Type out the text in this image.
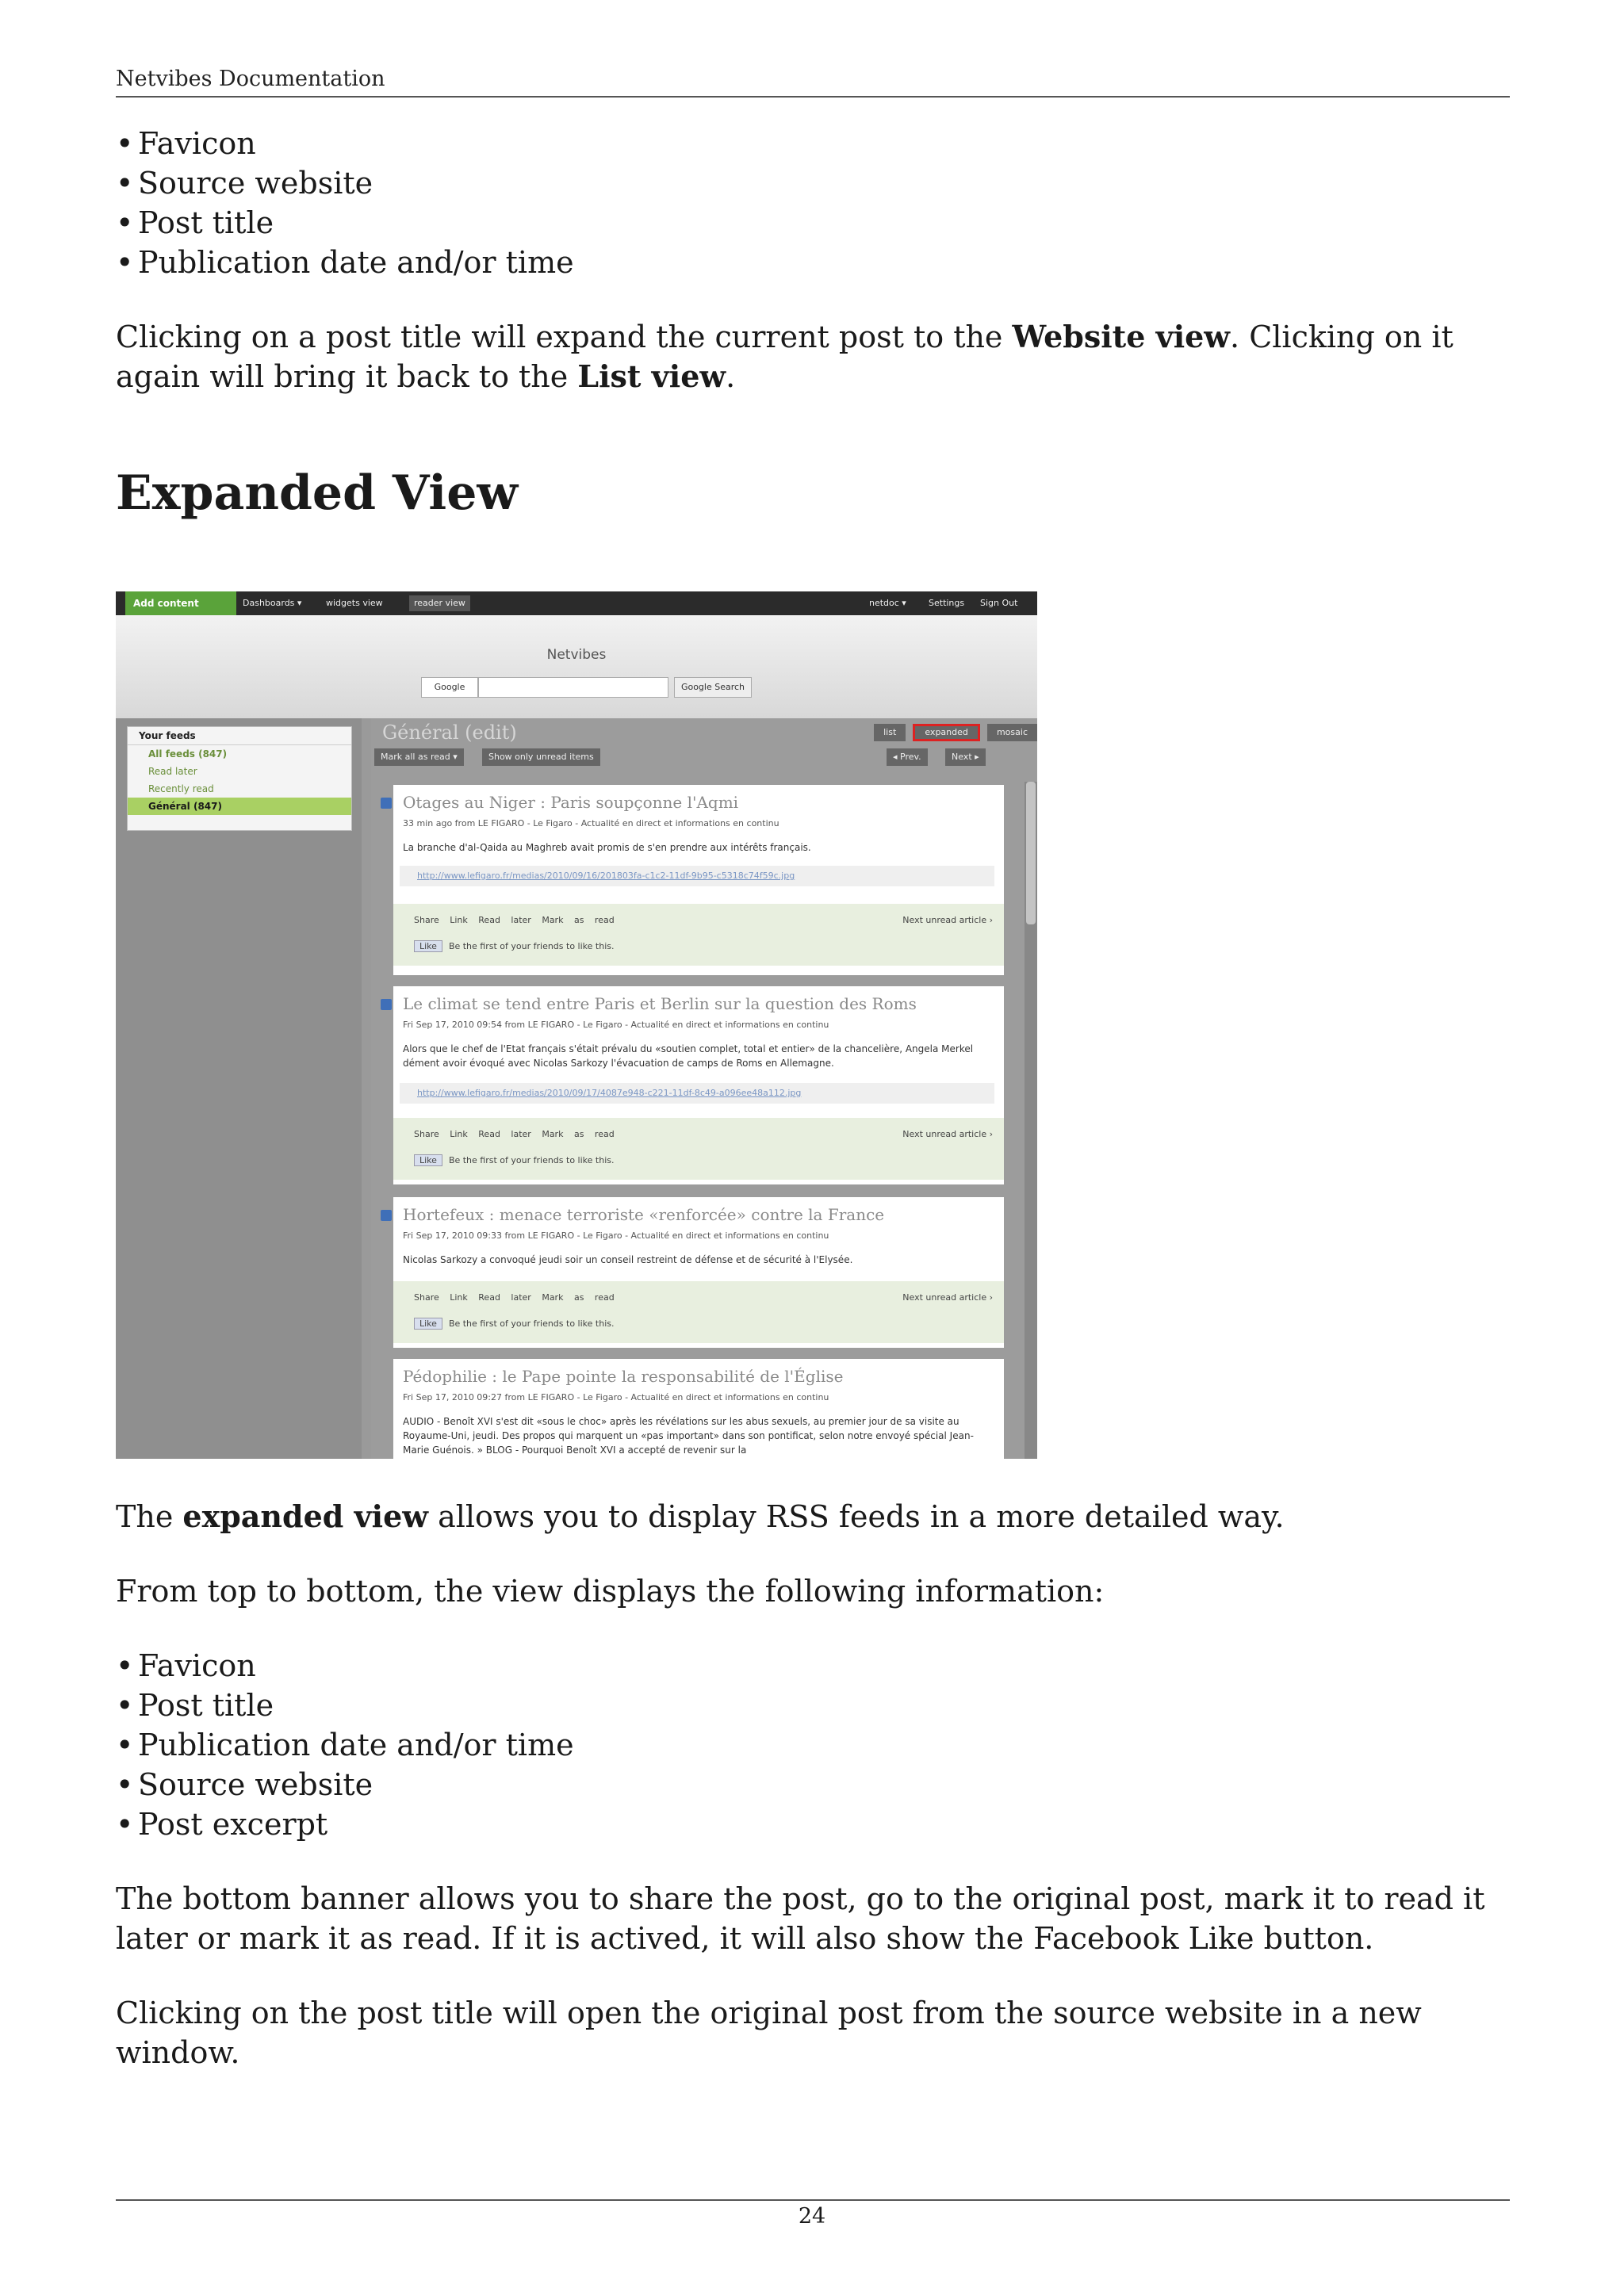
Netvibes Documentation
• Favicon
• Source website
• Post title
• Publication date and/or time

Clicking on a post title will expand the current post to the Website view. Clicking on it again will bring it back to the List view.

Expanded View
Add content	Dashboards ▾	widgets view	reader view	netdoc ▾	Settings Sign Out
Netvibes
Google	Google Search
Your feeds
All feeds (847)
Read later
Recently read
Général (847)
Général (edit)	list	expanded	mosaic
Mark all as read ▾	Show only unread items	◂ Prev.	Next ▸
Otages au Niger : Paris soupçonne l'Aqmi
33 min ago from LE FIGARO - Le Figaro - Actualité en direct et informations en continu
La branche d'al-Qaida au Maghreb avait promis de s'en prendre aux intérêts français.
http://www.lefigaro.fr/medias/2010/09/16/201803fa-c1c2-11df-9b95-c5318c74f59c.jpg
Share Link Read later Mark as read	Next unread article ›
Like Be the first of your friends to like this.
Le climat se tend entre Paris et Berlin sur la question des Roms
Fri Sep 17, 2010 09:54 from LE FIGARO - Le Figaro - Actualité en direct et informations en continu
Alors que le chef de l'Etat français s'était prévalu du «soutien complet, total et entier» de la chancelière, Angela Merkel dément avoir évoqué avec Nicolas Sarkozy l'évacuation de camps de Roms en Allemagne.
http://www.lefigaro.fr/medias/2010/09/17/4087e948-c221-11df-8c49-a096ee48a112.jpg
Share Link Read later Mark as read	Next unread article ›
Like Be the first of your friends to like this.
Hortefeux : menace terroriste «renforcée» contre la France
Fri Sep 17, 2010 09:33 from LE FIGARO - Le Figaro - Actualité en direct et informations en continu
Nicolas Sarkozy a convoqué jeudi soir un conseil restreint de défense et de sécurité à l'Elysée.
Share Link Read later Mark as read	Next unread article ›
Like Be the first of your friends to like this.
Pédophilie : le Pape pointe la responsabilité de l'Église
Fri Sep 17, 2010 09:27 from LE FIGARO - Le Figaro - Actualité en direct et informations en continu
AUDIO - Benoît XVI s'est dit «sous le choc» après les révélations sur les abus sexuels, au premier jour de sa visite au Royaume-Uni, jeudi. Des propos qui marquent un «pas important» dans son pontificat, selon notre envoyé spécial Jean-Marie Guénois. » BLOG - Pourquoi Benoît XVI a accepté de revenir sur la

The expanded view allows you to display RSS feeds in a more detailed way.

From top to bottom, the view displays the following information:

• Favicon
• Post title
• Publication date and/or time
• Source website
• Post excerpt

The bottom banner allows you to share the post, go to the original post, mark it to read it later or mark it as read. If it is actived, it will also show the Facebook Like button.

Clicking on the post title will open the original post from the source website in a new window.

24
